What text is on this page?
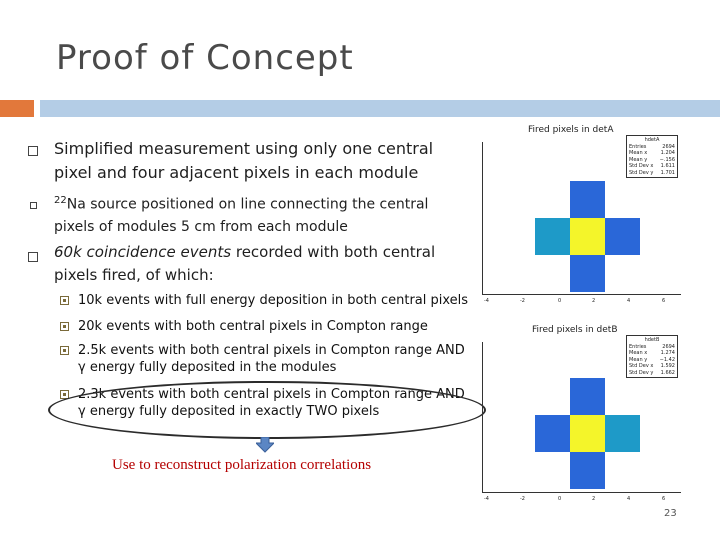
Proof of Concept
Simplified measurement using only one central pixel and four adjacent pixels in each module
$^{22}$Na source positioned on line connecting the central pixels of modules 5 cm from each module
60k coincidence events recorded with both central pixels fired, of which:
10k events with full energy deposition in both central pixels
20k events with both central pixels in Compton range
2.5k events with both central pixels in Compton range AND γ energy fully deposited in the modules
2.3k events with both central pixels in Compton range AND γ energy fully deposited in exactly TWO pixels
Use to reconstruct polarization correlations
Fired pixels in detA
hdetA
Entries	2694
Mean x	1.204
Mean y	−.156
Std Dev x 1.611
Std Dev y 1.701
-4	-2	0	2	4	6
Fired pixels in detB
hdetB
Entries	2694
Mean x	1.274
Mean y	−1.42
Std Dev x 1.592
Std Dev y 1.662
-4	-2	0	2	4	6
23
